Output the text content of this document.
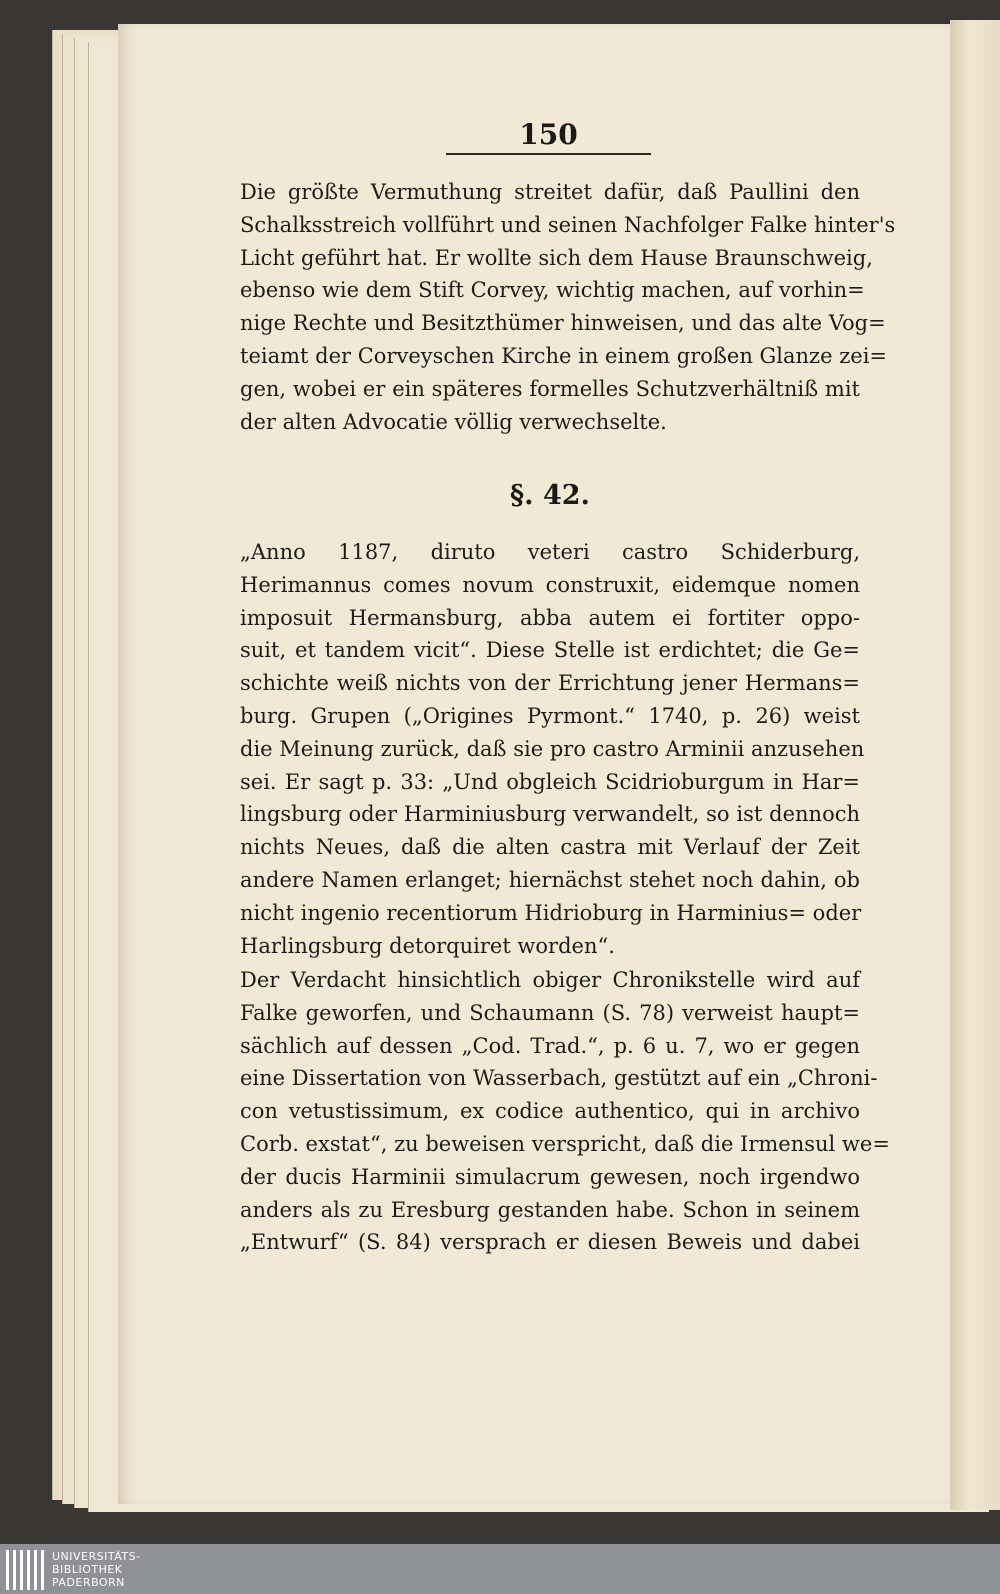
150
Die größte Vermuthung streitet dafür, daß Paullini den
Schalksstreich vollführt und seinen Nachfolger Falke hinter's
Licht geführt hat. Er wollte sich dem Hause Braunschweig,
ebenso wie dem Stift Corvey, wichtig machen, auf vorhin=
nige Rechte und Besitzthümer hinweisen, und das alte Vog=
teiamt der Corveyschen Kirche in einem großen Glanze zei=
gen, wobei er ein späteres formelles Schutzverhältniß mit
der alten Advocatie völlig verwechselte.
§. 42.
„Anno 1187, diruto veteri castro Schiderburg,
Herimannus comes novum construxit, eidemque nomen
imposuit Hermansburg, abba autem ei fortiter oppo-
suit, et tandem vicit“. Diese Stelle ist erdichtet; die Ge=
schichte weiß nichts von der Errichtung jener Hermans=
burg. Grupen („Origines Pyrmont.“ 1740, p. 26) weist
die Meinung zurück, daß sie pro castro Arminii anzusehen
sei. Er sagt p. 33: „Und obgleich Scidrioburgum in Har=
lingsburg oder Harminiusburg verwandelt, so ist dennoch
nichts Neues, daß die alten castra mit Verlauf der Zeit
andere Namen erlanget; hiernächst stehet noch dahin, ob
nicht ingenio recentiorum Hidrioburg in Harminius= oder
Harlingsburg detorquiret worden“.
Der Verdacht hinsichtlich obiger Chronikstelle wird auf
Falke geworfen, und Schaumann (S. 78) verweist haupt=
sächlich auf dessen „Cod. Trad.“, p. 6 u. 7, wo er gegen
eine Dissertation von Wasserbach, gestützt auf ein „Chroni-
con vetustissimum, ex codice authentico, qui in archivo
Corb. exstat“, zu beweisen verspricht, daß die Irmensul we=
der ducis Harminii simulacrum gewesen, noch irgendwo
anders als zu Eresburg gestanden habe. Schon in seinem
„Entwurf“ (S. 84) versprach er diesen Beweis und dabei
UNIVERSITÄTS-
BIBLIOTHEK
PADERBORN
